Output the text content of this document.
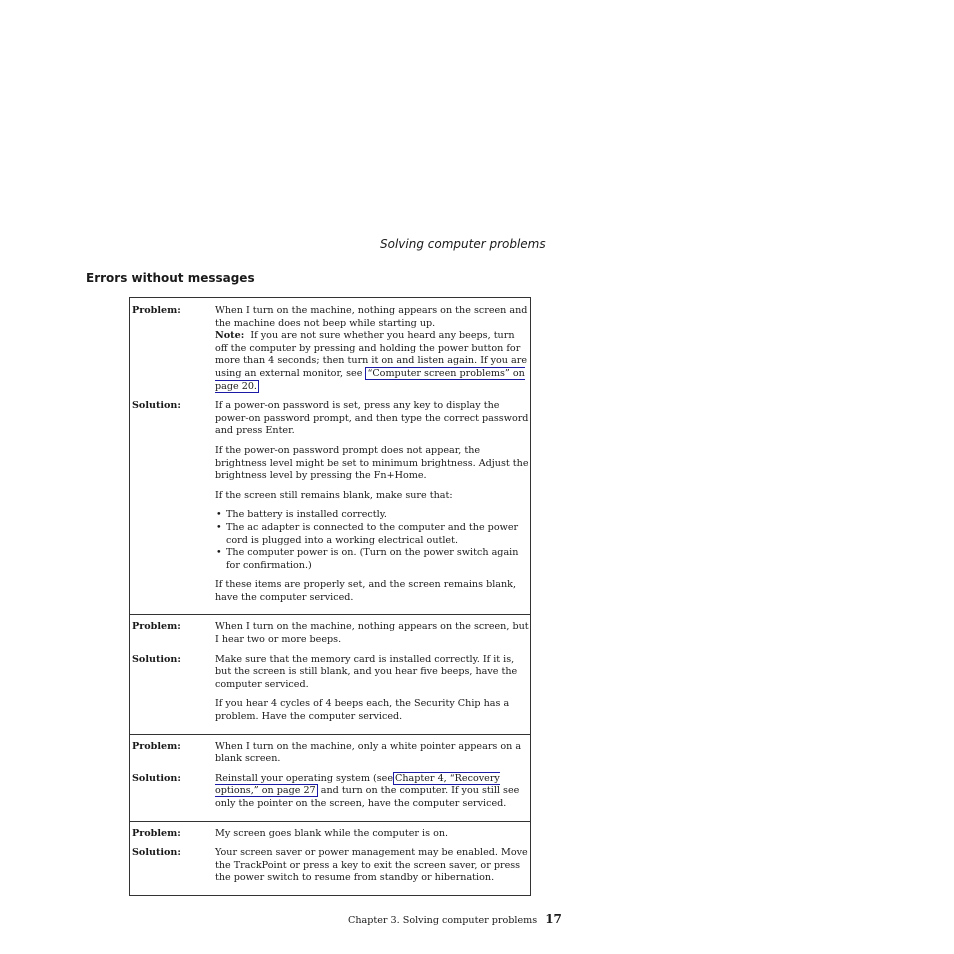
Solving computer problems
Errors without messages
Problem:	When I turn on the machine, nothing appears on the screen and the machine does not beep while starting up.
Note: If you are not sure whether you heard any beeps, turn off the computer by pressing and holding the power button for more than 4 seconds; then turn it on and listen again. If you are using an external monitor, see “Computer screen problems” on page 20.
Solution:	If a power-on password is set, press any key to display the power-on password prompt, and then type the correct password and press Enter.

If the power-on password prompt does not appear, the brightness level might be set to minimum brightness. Adjust the brightness level by pressing the Fn+Home.

If the screen still remains blank, make sure that:

• The battery is installed correctly.
• The ac adapter is connected to the computer and the power cord is plugged into a working electrical outlet.
• The computer power is on. (Turn on the power switch again for confirmation.)

If these items are properly set, and the screen remains blank, have the computer serviced.

Problem:	When I turn on the machine, nothing appears on the screen, but I hear two or more beeps.
Solution:	Make sure that the memory card is installed correctly. If it is, but the screen is still blank, and you hear five beeps, have the computer serviced.

If you hear 4 cycles of 4 beeps each, the Security Chip has a problem. Have the computer serviced.

Problem:	When I turn on the machine, only a white pointer appears on a blank screen.
Solution:	Reinstall your operating system (see Chapter 4, “Recovery options,” on page 27 and turn on the computer. If you still see only the pointer on the screen, have the computer serviced.
Problem:	My screen goes blank while the computer is on.
Solution:	Your screen saver or power management may be enabled. Move the TrackPoint or press a key to exit the screen saver, or press the power switch to resume from standby or hibernation.
Chapter 3. Solving computer problems 17
